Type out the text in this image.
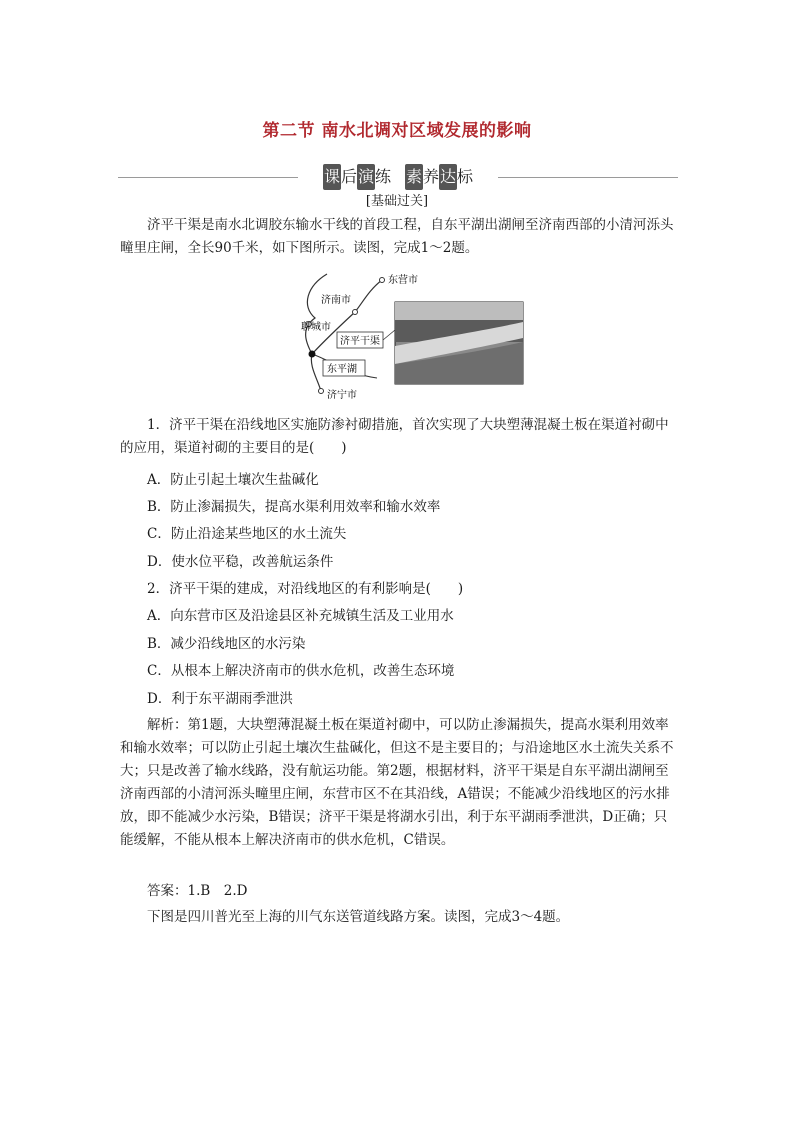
第二节 南水北调对区域发展的影响
课后演练 素养达标
[基础过关]

济平干渠是南水北调胶东输水干线的首段工程，自东平湖出湖闸至济南西部的小清河泺头疃里庄闸，全长90千米，如下图所示。读图，完成1～2题。

东营市
济南市
聊城市
济平干渠
东平湖
济宁市

1．济平干渠在沿线地区实施防渗衬砌措施，首次实现了大块塑薄混凝土板在渠道衬砌中的应用，渠道衬砌的主要目的是(　　)

A．防止引起土壤次生盐碱化
B．防止渗漏损失，提高水渠利用效率和输水效率
C．防止沿途某些地区的水土流失
D．使水位平稳，改善航运条件
2．济平干渠的建成，对沿线地区的有利影响是(　　)
A．向东营市区及沿途县区补充城镇生活及工业用水
B．减少沿线地区的水污染
C．从根本上解决济南市的供水危机，改善生态环境
D．利于东平湖雨季泄洪

解析：第1题，大块塑薄混凝土板在渠道衬砌中，可以防止渗漏损失，提高水渠利用效率和输水效率；可以防止引起土壤次生盐碱化，但这不是主要目的；与沿途地区水土流失关系不大；只是改善了输水线路，没有航运功能。第2题，根据材料，济平干渠是自东平湖出湖闸至济南西部的小清河泺头疃里庄闸，东营市区不在其沿线，A错误；不能减少沿线地区的污水排放，即不能减少水污染，B错误；济平干渠是将湖水引出，利于东平湖雨季泄洪，D正确；只能缓解，不能从根本上解决济南市的供水危机，C错误。

答案：1.B　2.D

下图是四川普光至上海的川气东送管道线路方案。读图，完成3～4题。
